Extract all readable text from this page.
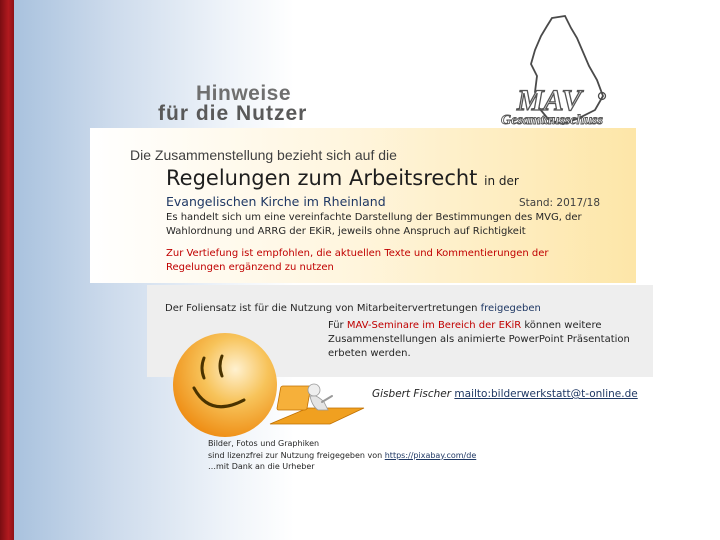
Hinweise
für die Nutzer	MAV
Gesamtausschuss
Die Zusammenstellung bezieht sich auf die
Regelungen zum Arbeitsrecht in der
Evangelischen Kirche im Rheinland	Stand: 2017/18
Es handelt sich um eine vereinfachte Darstellung der Bestimmungen des MVG, der Wahlordnung und ARRG der EKiR, jeweils ohne Anspruch auf Richtigkeit
Zur Vertiefung ist empfohlen, die aktuellen Texte und Kommentierungen der Regelungen ergänzend zu nutzen
Der Foliensatz ist für die Nutzung von Mitarbeitervertretungen freigegeben
Für MAV-Seminare im Bereich der EKiR können weitere Zusammenstellungen als animierte PowerPoint Präsentation erbeten werden.
Gisbert Fischer mailto:bilderwerkstatt@t-online.de
Bilder, Fotos und Graphiken
sind lizenzfrei zur Nutzung freigegeben von https://pixabay.com/de
…mit Dank an die Urheber
